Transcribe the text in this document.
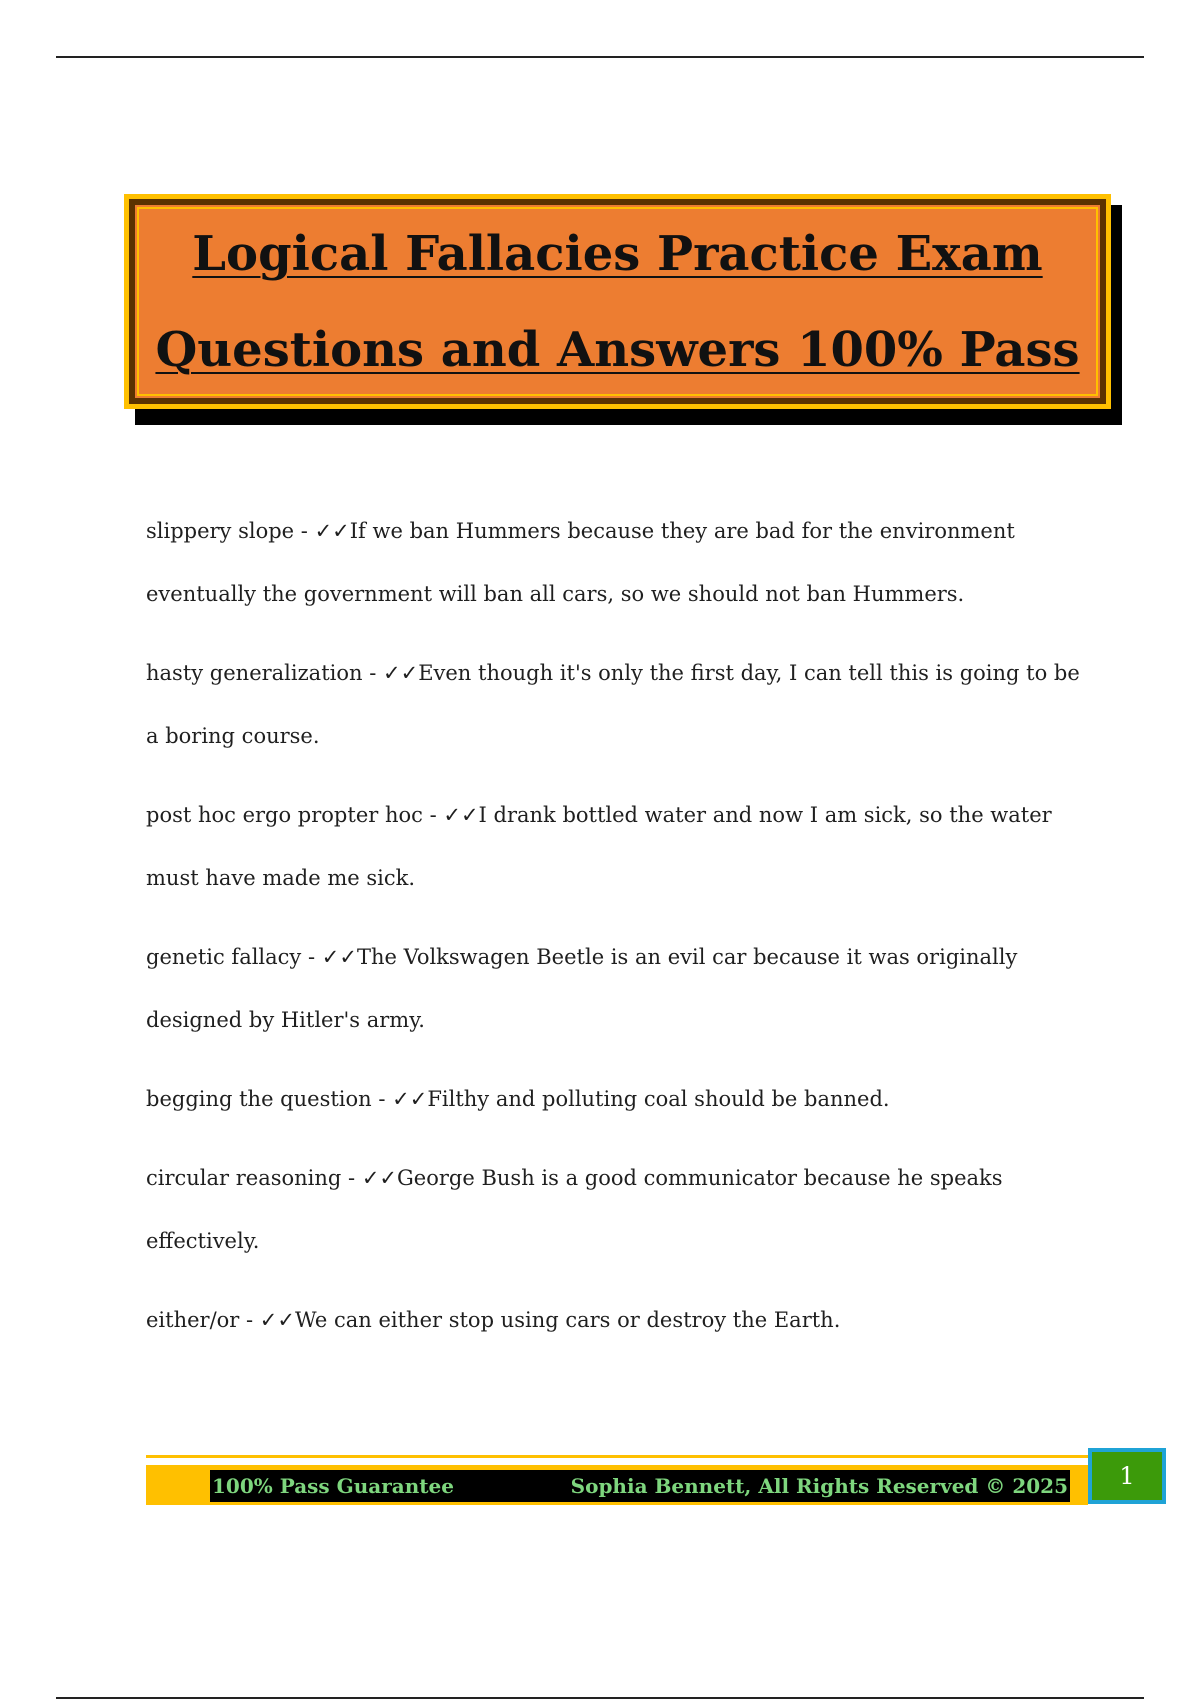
Logical Fallacies Practice Exam
Questions and Answers 100% Pass
slippery slope - ✓✓If we ban Hummers because they are bad for the environment eventually the government will ban all cars, so we should not ban Hummers.
hasty generalization - ✓✓Even though it's only the first day, I can tell this is going to be a boring course.
post hoc ergo propter hoc - ✓✓I drank bottled water and now I am sick, so the water must have made me sick.
genetic fallacy - ✓✓The Volkswagen Beetle is an evil car because it was originally designed by Hitler's army.
begging the question - ✓✓Filthy and polluting coal should be banned.
circular reasoning - ✓✓George Bush is a good communicator because he speaks effectively.
either/or - ✓✓We can either stop using cars or destroy the Earth.
100% Pass Guarantee	Sophia Bennett, All Rights Reserved © 2025 1
